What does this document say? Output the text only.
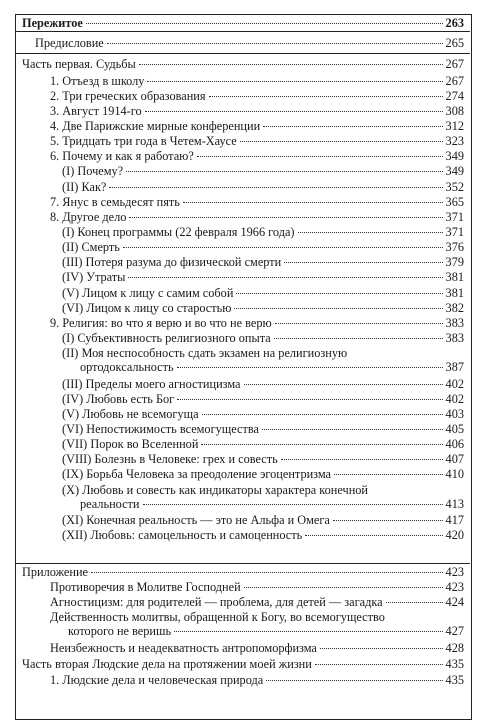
Пережитое	263
Предисловие	265
Часть первая. Судьбы	267
1. Отъезд в школу	267
2. Три греческих образования	274
3. Август 1914-го	308
4. Две Парижские мирные конференции	312
5. Тридцать три года в Четем-Хаусе	323
6. Почему и как я работаю?	349
(I) Почему?	349
(II) Как?	352
7. Янус в семьдесят пять	365
8. Другое дело	371
(I) Конец программы (22 февраля 1966 года)	371
(II) Смерть	376
(III) Потеря разума до физической смерти	379
(IV) Утраты	381
(V) Лицом к лицу с самим собой	381
(VI) Лицом к лицу со старостью	382
9. Религия: во что я верю и во что не верю	383
(I) Субъективность религиозного опыта	383
(II) Моя неспособность сдать экзамен на религиозную
ортодоксальность	387
(III) Пределы моего агностицизма	402
(IV) Любовь есть Бог	402
(V) Любовь не всемогуща	403
(VI) Непостижимость всемогущества	405
(VII) Порок во Вселенной	406
(VIII) Болезнь в Человеке: грех и совесть	407
(IX) Борьба Человека за преодоление эгоцентризма	410
(X) Любовь и совесть как индикаторы характера конечной
реальности	413
(XI) Конечная реальность — это не Альфа и Омега	417
(XII) Любовь: самоцельность и самоценность	420
Приложение	423
Противоречия в Молитве Господней	423
Агностицизм: для родителей — проблема, для детей — загадка	424
Действенность молитвы, обращенной к Богу, во всемогущество
которого не веришь	427
Неизбежность и неадекватность антропоморфизма	428
Часть вторая Людские дела на протяжении моей жизни	435
1. Людские дела и человеческая природа	435
